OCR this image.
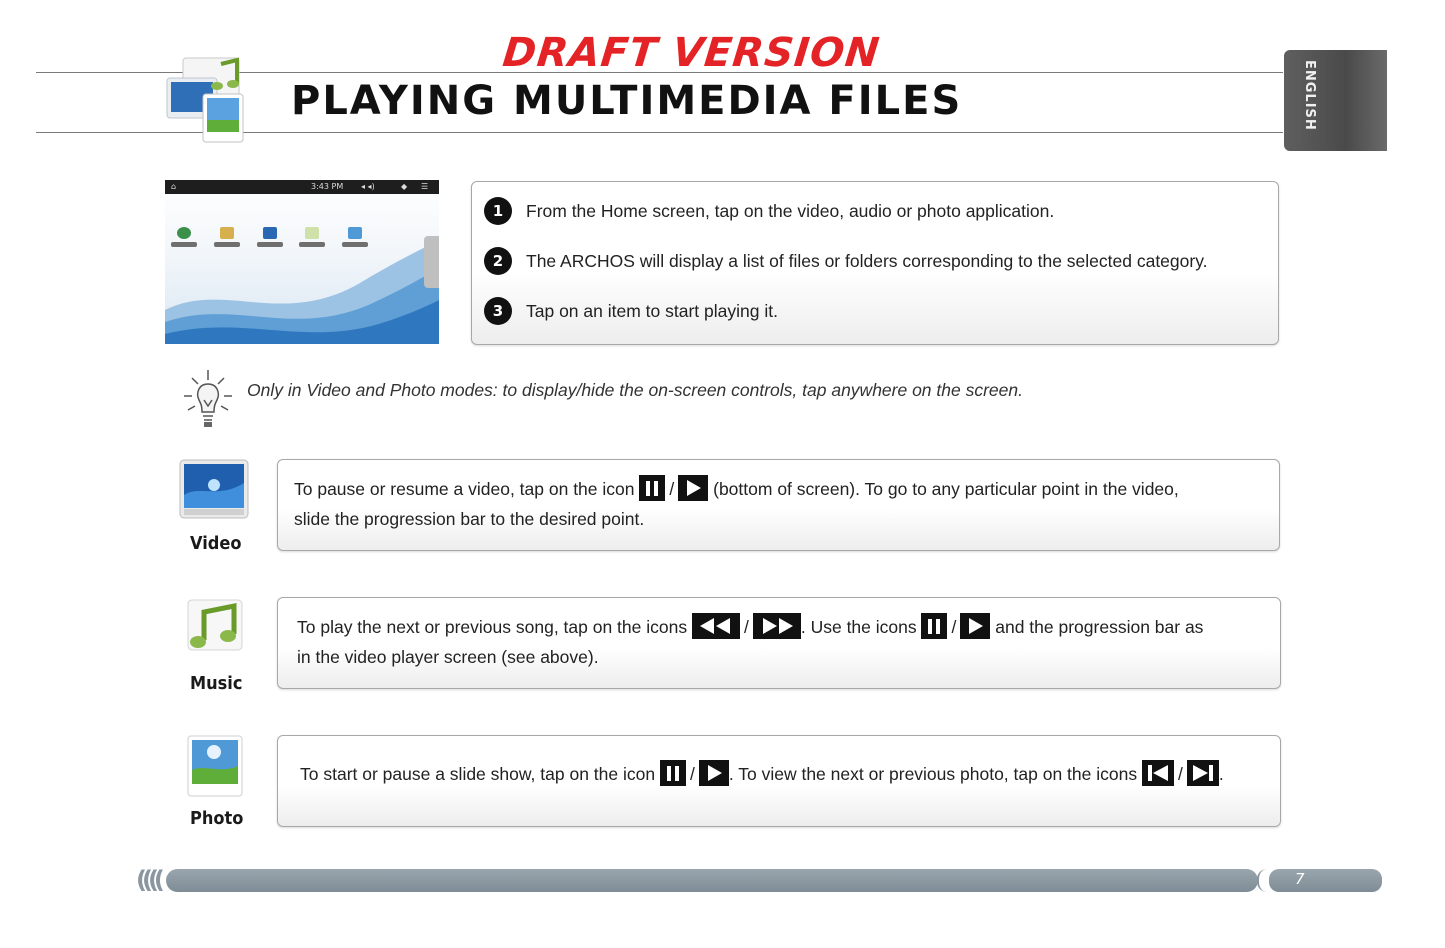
DRAFT VERSION
PLAYING MULTIMEDIA FILES	ENGLISH
⌂	3:43 PM ◂ ◂)	◆ ☰
1	From the Home screen, tap on the video, audio or photo application.
2	The ARCHOS will display a list of files or folders corresponding to the selected category.
3	Tap on an item to start playing it.
Only in Video and Photo modes: to display/hide the on-screen controls, tap anywhere on the screen.
Video
To pause or resume a video, tap on the icon / (bottom of screen). To go to any particular point in the video,
slide the progression bar to the desired point.
Music
To play the next or previous song, tap on the icons	/	. Use the icons / and the progression bar as
in the video player screen (see above).
Photo
To start or pause a slide show, tap on the icon / . To view the next or previous photo, tap on the icons / .
((((	7
